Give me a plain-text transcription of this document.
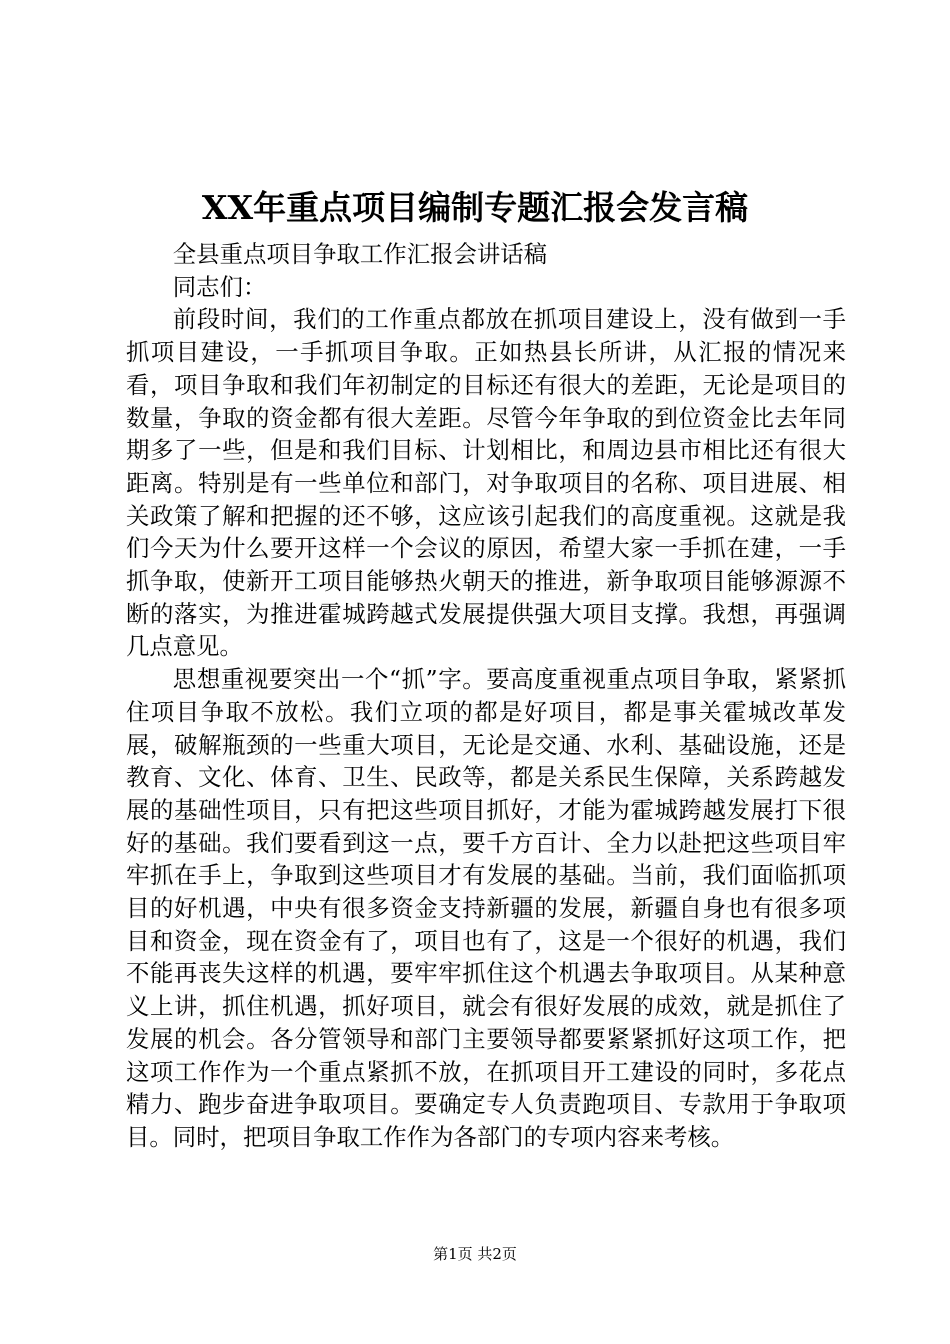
XX年重点项目编制专题汇报会发言稿

全县重点项目争取工作汇报会讲话稿

同志们：

前段时间，我们的工作重点都放在抓项目建设上，没有做到一手抓项目建设，一手抓项目争取。正如热县长所讲，从汇报的情况来看，项目争取和我们年初制定的目标还有很大的差距，无论是项目的数量，争取的资金都有很大差距。尽管今年争取的到位资金比去年同期多了一些，但是和我们目标、计划相比，和周边县市相比还有很大距离。特别是有一些单位和部门，对争取项目的名称、项目进展、相关政策了解和把握的还不够，这应该引起我们的高度重视。这就是我们今天为什么要开这样一个会议的原因，希望大家一手抓在建，一手抓争取，使新开工项目能够热火朝天的推进，新争取项目能够源源不断的落实，为推进霍城跨越式发展提供强大项目支撑。我想，再强调几点意见。

思想重视要突出一个“抓”字。要高度重视重点项目争取，紧紧抓住项目争取不放松。我们立项的都是好项目，都是事关霍城改革发展，破解瓶颈的一些重大项目，无论是交通、水利、基础设施，还是教育、文化、体育、卫生、民政等，都是关系民生保障，关系跨越发展的基础性项目，只有把这些项目抓好，才能为霍城跨越发展打下很好的基础。我们要看到这一点，要千方百计、全力以赴把这些项目牢牢抓在手上，争取到这些项目才有发展的基础。当前，我们面临抓项目的好机遇，中央有很多资金支持新疆的发展，新疆自身也有很多项目和资金，现在资金有了，项目也有了，这是一个很好的机遇，我们不能再丧失这样的机遇，要牢牢抓住这个机遇去争取项目。从某种意义上讲，抓住机遇，抓好项目，就会有很好发展的成效，就是抓住了发展的机会。各分管领导和部门主要领导都要紧紧抓好这项工作，把这项工作作为一个重点紧抓不放，在抓项目开工建设的同时，多花点精力、跑步奋进争取项目。要确定专人负责跑项目、专款用于争取项目。同时，把项目争取工作作为各部门的专项内容来考核。

第1页 共2页
